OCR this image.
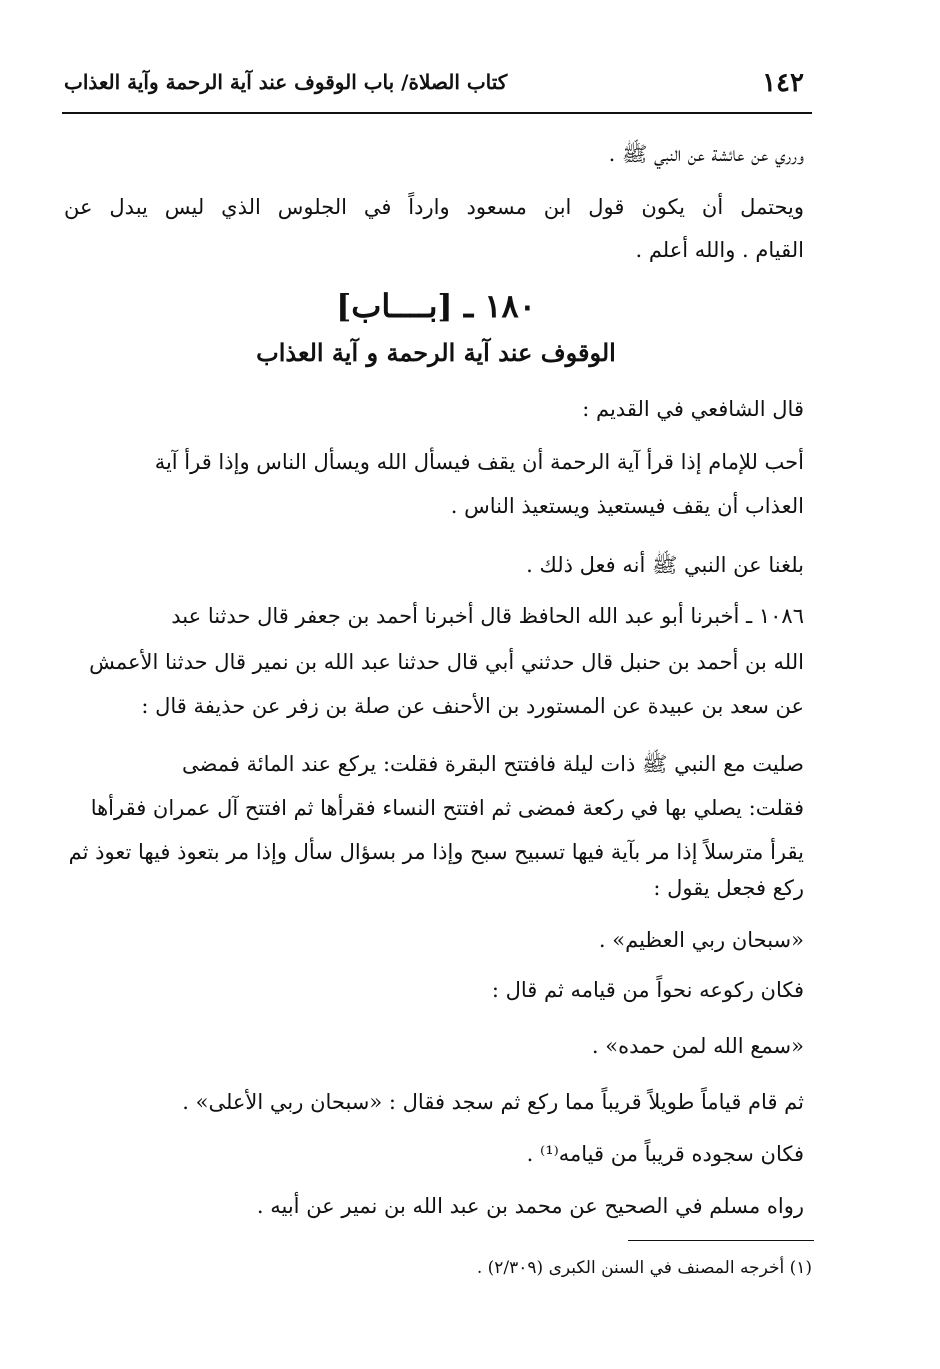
١٤٢
كتاب الصلاة/ باب الوقوف عند آية الرحمة وآية العذاب
ورري عن عائشة عن النبي ﷺ .
ويحتمل أن يكون قول ابن مسعود وارداً في الجلوس الذي ليس يبدل عن
القيام . والله أعلم .
١٨٠ ـ [بــــاب]
الوقوف عند آية الرحمة و آية العذاب
قال الشافعي في القديم :
أحب للإمام إذا قرأ آية الرحمة أن يقف فيسأل الله ويسأل الناس وإذا قرأ آية
العذاب أن يقف فيستعيذ ويستعيذ الناس .
بلغنا عن النبي ﷺ أنه فعل ذلك .
١٠٨٦ ـ أخبرنا أبو عبد الله الحافظ قال أخبرنا أحمد بن جعفر قال حدثنا عبد
الله بن أحمد بن حنبل قال حدثني أبي قال حدثنا عبد الله بن نمير قال حدثنا الأعمش
عن سعد بن عبيدة عن المستورد بن الأحنف عن صلة بن زفر عن حذيفة قال :
صليت مع النبي ﷺ ذات ليلة فافتتح البقرة فقلت: يركع عند المائة فمضى
فقلت: يصلي بها في ركعة فمضى ثم افتتح النساء فقرأها ثم افتتح آل عمران فقرأها
يقرأ مترسلاً إذا مر بآية فيها تسبيح سبح وإذا مر بسؤال سأل وإذا مر بتعوذ فيها تعوذ ثم
ركع فجعل يقول :
«سبحان ربي العظيم» .
فكان ركوعه نحواً من قيامه ثم قال :
«سمع الله لمن حمده» .
ثم قام قياماً طويلاً قريباً مما ركع ثم سجد فقال : «سبحان ربي الأعلى» .
فكان سجوده قريباً من قيامه⁽¹⁾ .
رواه مسلم في الصحيح عن محمد بن عبد الله بن نمير عن أبيه .
(١) أخرجه المصنف في السنن الكبرى (٢/٣٠٩) .
